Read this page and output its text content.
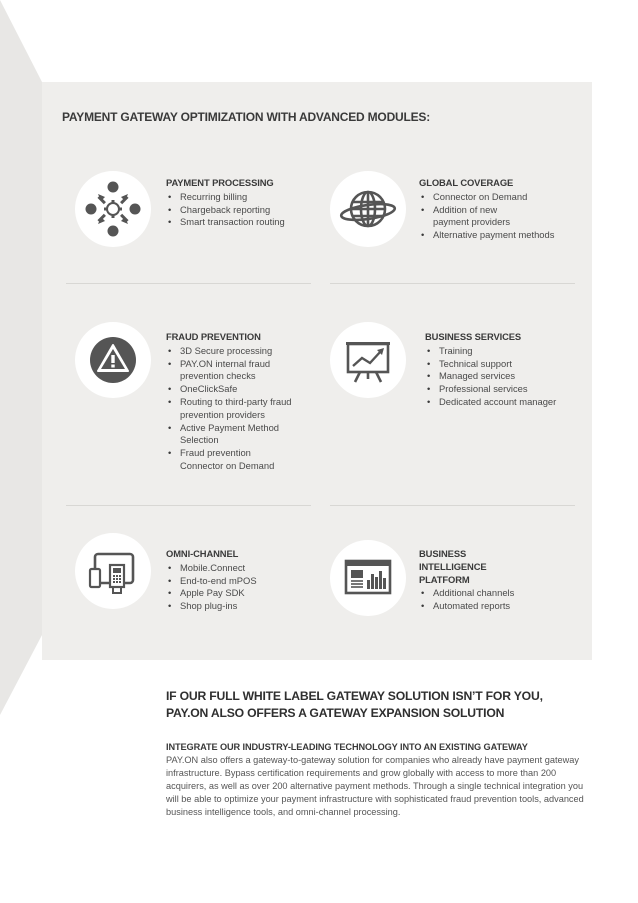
PAYMENT GATEWAY OPTIMIZATION WITH ADVANCED MODULES:
PAYMENT PROCESSING
• Recurring billing
• Chargeback reporting
• Smart transaction routing
GLOBAL COVERAGE
• Connector on Demand
• Addition of new payment providers
• Alternative payment methods
FRAUD PREVENTION
• 3D Secure processing
• PAY.ON internal fraud prevention checks
• OneClickSafe
• Routing to third-party fraud prevention providers
• Active Payment Method Selection
• Fraud prevention Connector on Demand
BUSINESS SERVICES
• Training
• Technical support
• Managed services
• Professional services
• Dedicated account manager
OMNI-CHANNEL
• Mobile.Connect
• End-to-end mPOS
• Apple Pay SDK
• Shop plug-ins
BUSINESS INTELLIGENCE PLATFORM
• Additional channels
• Automated reports
IF OUR FULL WHITE LABEL GATEWAY SOLUTION ISN’T FOR YOU,
PAY.ON ALSO OFFERS A GATEWAY EXPANSION SOLUTION
INTEGRATE OUR INDUSTRY-LEADING TECHNOLOGY INTO AN EXISTING GATEWAY
PAY.ON also offers a gateway-to-gateway solution for companies who already have payment gateway infrastructure. Bypass certification requirements and grow globally with access to more than 200 acquirers, as well as over 200 alternative payment methods. Through a single technical integration you will be able to optimize your payment infrastructure with sophisticated fraud prevention tools, advanced business intelligence tools, and omni-channel processing.
